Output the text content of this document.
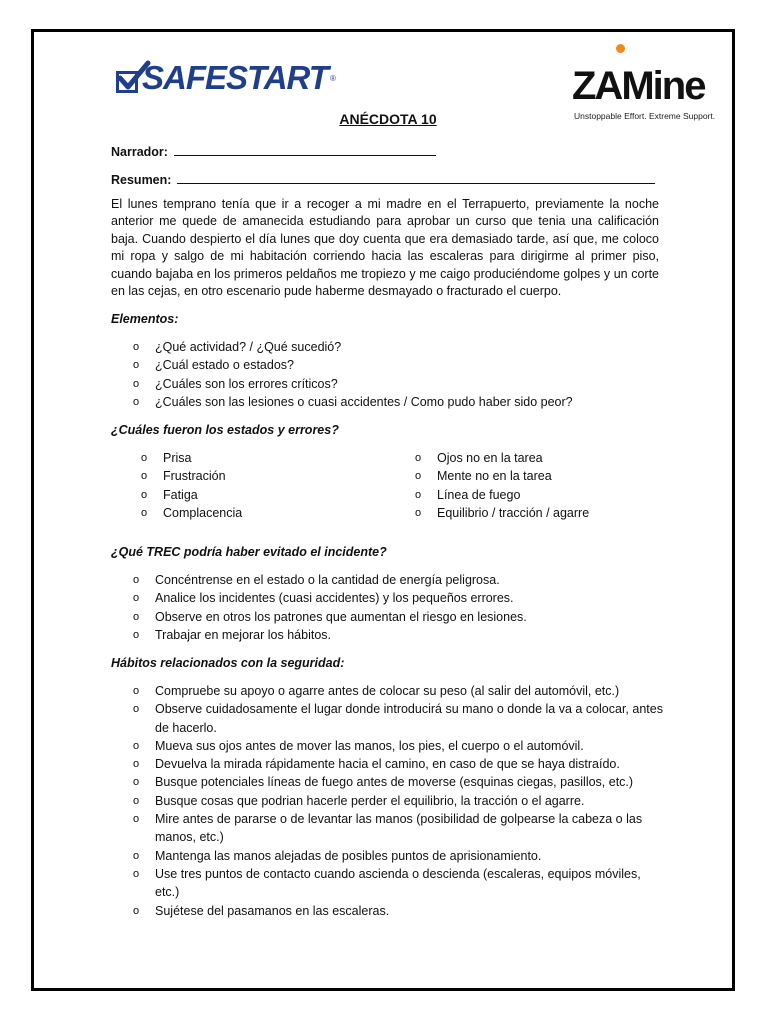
SAFESTART ®	ZAMine
Unstoppable Effort. Extreme Support.
ANÉCDOTA 10
Narrador:
Resumen:
El lunes temprano tenía que ir a recoger a mi madre en el Terrapuerto, previamente la noche anterior me quede de amanecida estudiando para aprobar un curso que tenia una calificación baja. Cuando despierto el día lunes que doy cuenta que era demasiado tarde, así que, me coloco mi ropa y salgo de mi habitación corriendo hacia las escaleras para dirigirme al primer piso, cuando bajaba en los primeros peldaños me tropiezo y me caigo produciéndome golpes y un corte en las cejas, en otro escenario pude haberme desmayado o fracturado el cuerpo.
Elementos:
o ¿Qué actividad? / ¿Qué sucedió?
o ¿Cuál estado o estados?
o ¿Cuáles son los errores críticos?
o ¿Cuáles son las lesiones o cuasi accidentes / Como pudo haber sido peor?
¿Cuáles fueron los estados y errores?
o Prisa
o Frustración
o Fatiga
o Complacencia
o Ojos no en la tarea
o Mente no en la tarea
o Línea de fuego
o Equilibrio / tracción / agarre
¿Qué TREC podría haber evitado el incidente?
o Concéntrense en el estado o la cantidad de energía peligrosa.
o Analice los incidentes (cuasi accidentes) y los pequeños errores.
o Observe en otros los patrones que aumentan el riesgo en lesiones.
o Trabajar en mejorar los hábitos.
Hábitos relacionados con la seguridad:
o Compruebe su apoyo o agarre antes de colocar su peso (al salir del automóvil, etc.)
o Observe cuidadosamente el lugar donde introducirá su mano o donde la va a colocar, antes de hacerlo.
o Mueva sus ojos antes de mover las manos, los pies, el cuerpo o el automóvil.
o Devuelva la mirada rápidamente hacia el camino, en caso de que se haya distraído.
o Busque potenciales líneas de fuego antes de moverse (esquinas ciegas, pasillos, etc.)
o Busque cosas que podrian hacerle perder el equilibrio, la tracción o el agarre.
o Mire antes de pararse o de levantar las manos (posibilidad de golpearse la cabeza o las manos, etc.)
o Mantenga las manos alejadas de posibles puntos de aprisionamiento.
o Use tres puntos de contacto cuando ascienda o descienda (escaleras, equipos móviles, etc.)
o Sujétese del pasamanos en las escaleras.
